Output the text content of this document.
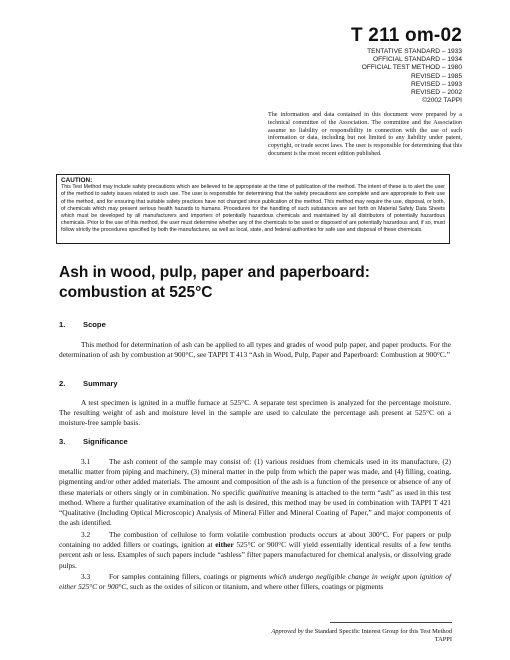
T 211 om-02
TENTATIVE STANDARD – 1933
OFFICIAL STANDARD – 1934
OFFICIAL TEST METHOD – 1980
REVISED – 1985
REVISED – 1993
REVISED – 2002
©2002 TAPPI
The information and data contained in this document were prepared by a technical committee of the Association. The committee and the Association assume no liability or responsibility in connection with the use of such information or data, including but not limited to any liability under patent, copyright, or trade secret laws. The user is responsible for determining that this document is the most recent edition published.
CAUTION:
This Test Method may include safety precautions which are believed to be appropriate at the time of publication of the method. The intent of these is to alert the user of the method to safety issues related to such use. The user is responsible for determining that the safety precautions are complete and are appropriate to their use of the method, and for ensuring that suitable safety practices have not changed since publication of the method. This method may require the use, disposal, or both, of chemicals which may present serious health hazards to humans. Procedures for the handling of such substances are set forth on Material Safety Data Sheets which must be developed by all manufacturers and importers of potentially hazardous chemicals and maintained by all distributors of potentially hazardous chemicals. Prior to the use of this method, the user must determine whether any of the chemicals to be used or disposed of are potentially hazardous and, if so, must follow strictly the procedures specified by both the manufacturer, as well as local, state, and federal authorities for safe use and disposal of these chemicals.
Ash in wood, pulp, paper and paperboard:
combustion at 525°C
1. Scope
This method for determination of ash can be applied to all types and grades of wood pulp paper, and paper products. For the determination of ash by combustion at 900°C, see TAPPI T 413 “Ash in Wood, Pulp, Paper and Paperboard: Combustion at 900°C.”
2. Summary
A test specimen is ignited in a muffle furnace at 525°C. A separate test specimen is analyzed for the percentage moisture. The resulting weight of ash and moisture level in the sample are used to calculate the percentage ash present at 525°C on a moisture-free sample basis.
3. Significance
3.1	The ash content of the sample may consist of: (1) various residues from chemicals used in its manufacture, (2) metallic matter from piping and machinery, (3) mineral matter in the pulp from which the paper was made, and (4) filling, coating, pigmenting and/or other added materials. The amount and composition of the ash is a function of the presence or absence of any of these materials or others singly or in combination. No specific qualitative meaning is attached to the term “ash” as used in this test method. Where a further qualitative examination of the ash is desired, this method may be used in combination with TAPPI T 421 “Qualitative (Including Optical Microscopic) Analysis of Mineral Filler and Mineral Coating of Paper,” and major components of the ash identified.
3.2	The combustion of cellulose to form volatile combustion products occurs at about 300°C. For papers or pulp containing no added fillers or coatings, ignition at either 525°C or 900°C will yield essentially identical results of a few tenths percent ash or less. Examples of such papers include “ashless” filter papers manufactured for chemical analysis, or dissolving grade pulps.
3.3	For samples containing fillers, coatings or pigments which undergo negligible change in weight upon ignition of either 525°C or 900°C, such as the oxides of silicon or titanium, and where other fillers, coatings or pigments
Approved by the Standard Specific Interest Group for this Test Method
TAPPI
